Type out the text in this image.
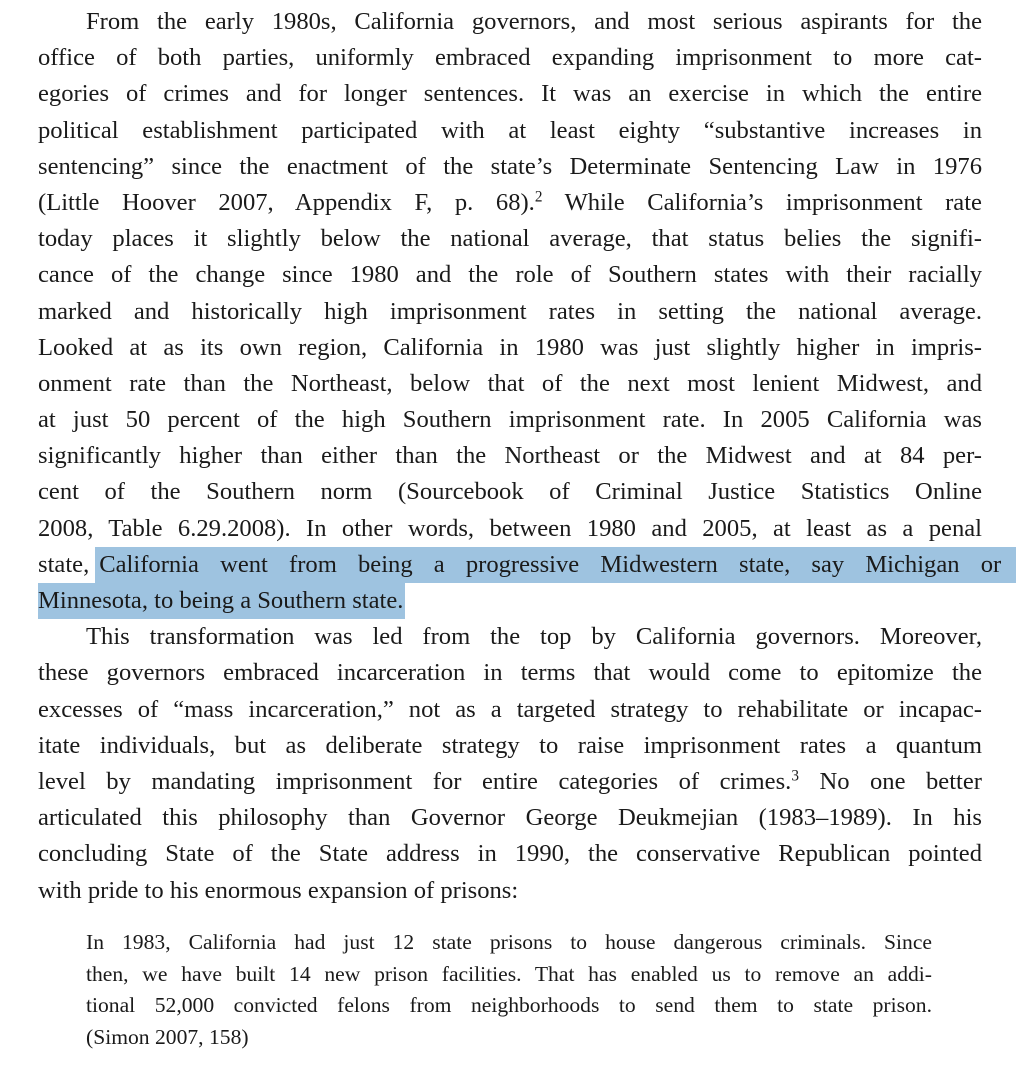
From the early 1980s, California governors, and most serious aspirants for the
office of both parties, uniformly embraced expanding imprisonment to more cat-
egories of crimes and for longer sentences. It was an exercise in which the entire
political establishment participated with at least eighty “substantive increases in
sentencing” since the enactment of the state’s Determinate Sentencing Law in 1976
(Little Hoover 2007, Appendix F, p. 68).$^2$ While California’s imprisonment rate
today places it slightly below the national average, that status belies the signifi-
cance of the change since 1980 and the role of Southern states with their racially
marked and historically high imprisonment rates in setting the national average.
Looked at as its own region, California in 1980 was just slightly higher in impris-
onment rate than the Northeast, below that of the next most lenient Midwest, and
at just 50 percent of the high Southern imprisonment rate. In 2005 California was
significantly higher than either than the Northeast or the Midwest and at 84 per-
cent of the Southern norm (Sourcebook of Criminal Justice Statistics Online
2008, Table 6.29.2008). In other words, between 1980 and 2005, at least as a penal
state, California went from being a progressive Midwestern state, say Michigan or
Minnesota, to being a Southern state.
This transformation was led from the top by California governors. Moreover,
these governors embraced incarceration in terms that would come to epitomize the
excesses of “mass incarceration,” not as a targeted strategy to rehabilitate or incapac-
itate individuals, but as deliberate strategy to raise imprisonment rates a quantum
level by mandating imprisonment for entire categories of crimes.$^3$ No one better
articulated this philosophy than Governor George Deukmejian (1983–1989). In his
concluding State of the State address in 1990, the conservative Republican pointed
with pride to his enormous expansion of prisons:
In 1983, California had just 12 state prisons to house dangerous criminals. Since
then, we have built 14 new prison facilities. That has enabled us to remove an addi-
tional 52,000 convicted felons from neighborhoods to send them to state prison.
(Simon 2007, 158)
